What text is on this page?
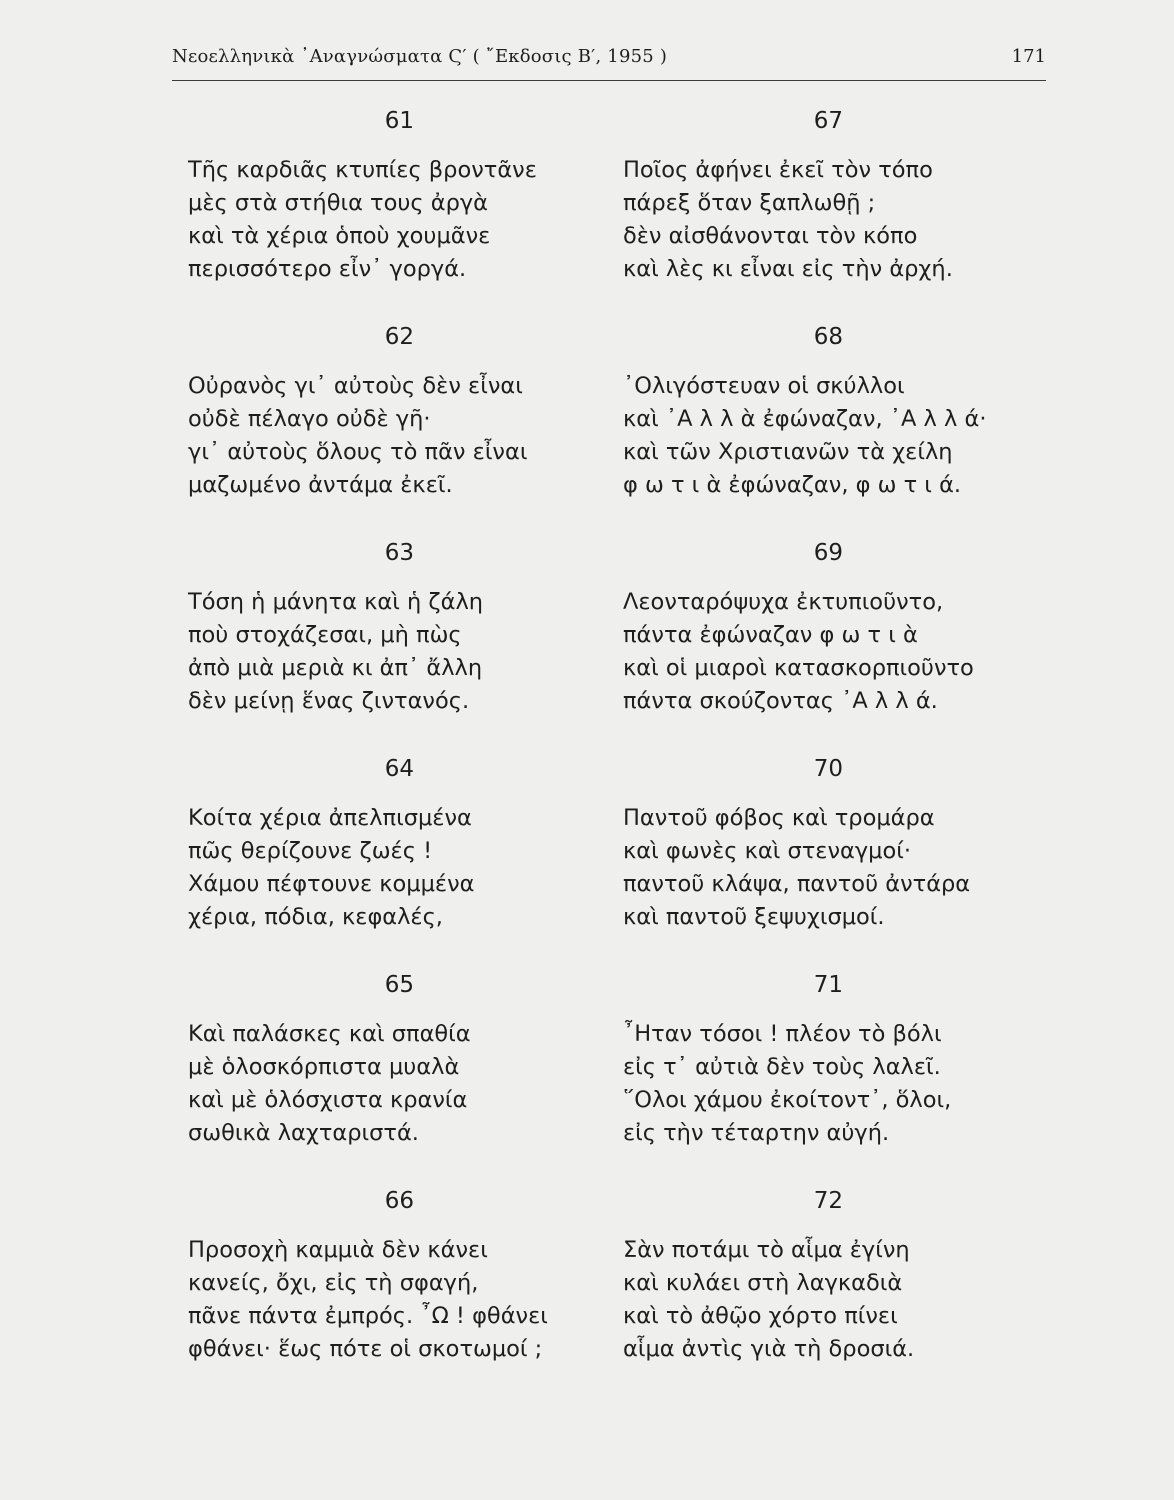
Νεοελληνικὰ ᾿Αναγνώσματα Ϛ′ ( ῎Εκδοσις Β′, 1955 )	171
61
Τῆς καρδιᾶς κτυπίες βροντᾶνε
μὲς στὰ στήθια τους ἀργὰ
καὶ τὰ χέρια ὁποὺ χουμᾶνε
περισσότερο εἶν᾿ γοργά.
62
Οὐρανὸς γι᾿ αὐτοὺς δὲν εἶναι
οὐδὲ πέλαγο οὐδὲ γῆ·
γι᾿ αὐτοὺς ὅλους τὸ πᾶν εἶναι
μαζωμένο ἀντάμα ἐκεῖ.
63
Τόση ἡ μάνητα καὶ ἡ ζάλη
ποὺ στοχάζεσαι, μὴ πὼς
ἀπὸ μιὰ μεριὰ κι ἀπ᾿ ἄλλη
δὲν μείνῃ ἕνας ζιντανός.
64
Κοίτα χέρια ἀπελπισμένα
πῶς θερίζουνε ζωές !
Χάμου πέφτουνε κομμένα
χέρια, πόδια, κεφαλές,
65
Καὶ παλάσκες καὶ σπαθία
μὲ ὁλοσκόρπιστα μυαλὰ
καὶ μὲ ὁλόσχιστα κρανία
σωθικὰ λαχταριστά.
66
Προσοχὴ καμμιὰ δὲν κάνει
κανείς, ὄχι, εἰς τὴ σφαγή,
πᾶνε πάντα ἐμπρός. ῏Ω ! φθάνει
φθάνει· ἕως πότε οἱ σκοτωμοί ;
67
Ποῖος ἀφήνει ἐκεῖ τὸν τόπο
πάρεξ ὅταν ξαπλωθῇ ;
δὲν αἰσθάνονται τὸν κόπο
καὶ λὲς κι εἶναι εἰς τὴν ἀρχή.
68
᾿Ολιγόστευαν οἱ σκύλλοι
καὶ ᾿Α λ λ ὰ ἐφώναζαν, ᾿Α λ λ ά·
καὶ τῶν Χριστιανῶν τὰ χείλη
φ ω τ ι ὰ ἐφώναζαν, φ ω τ ι ά.
69
Λεονταρόψυχα ἐκτυπιοῦντο,
πάντα ἐφώναζαν φ ω τ ι ὰ
καὶ οἱ μιαροὶ κατασκορπιοῦντο
πάντα σκούζοντας ᾿Α λ λ ά.
70
Παντοῦ φόβος καὶ τρομάρα
καὶ φωνὲς καὶ στεναγμοί·
παντοῦ κλάψα, παντοῦ ἀντάρα
καὶ παντοῦ ξεψυχισμοί.
71
῏Ηταν τόσοι ! πλέον τὸ βόλι
εἰς τ᾿ αὐτιὰ δὲν τοὺς λαλεῖ.
῞Ολοι χάμου ἐκοίτοντ᾿, ὅλοι,
εἰς τὴν τέταρτην αὐγή.
72
Σὰν ποτάμι τὸ αἷμα ἐγίνη
καὶ κυλάει στὴ λαγκαδιὰ
καὶ τὸ ἀθῷο χόρτο πίνει
αἷμα ἀντὶς γιὰ τὴ δροσιά.
